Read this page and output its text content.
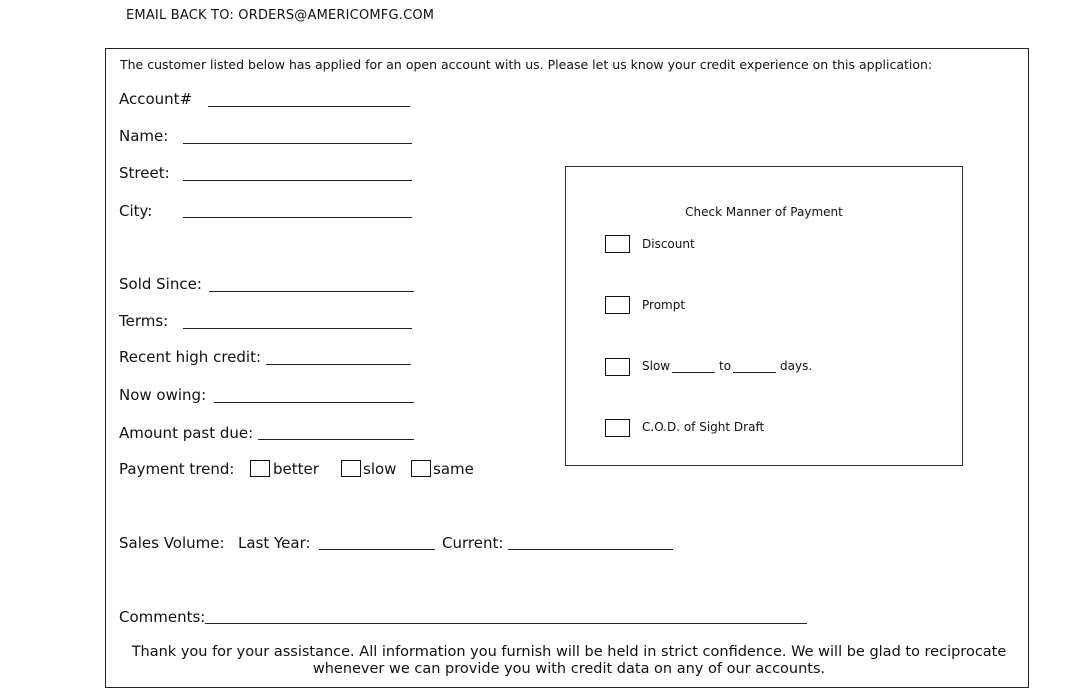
EMAIL BACK TO: ORDERS@AMERICOMFG.COM
The customer listed below has applied for an open account with us. Please let us know your credit experience on this application:
Account#
Name:
Street:
City:
Sold Since:
Terms:
Recent high credit:
Now owing:
Amount past due:
Payment trend:	better	slow same
Sales Volume: Last Year:	Current:
Comments:
Check Manner of Payment
Discount
Prompt
Slow	to	days.
C.O.D. of Sight Draft
Thank you for your assistance. All information you furnish will be held in strict confidence. We will be glad to reciprocate whenever we can provide you with credit data on any of our accounts.
